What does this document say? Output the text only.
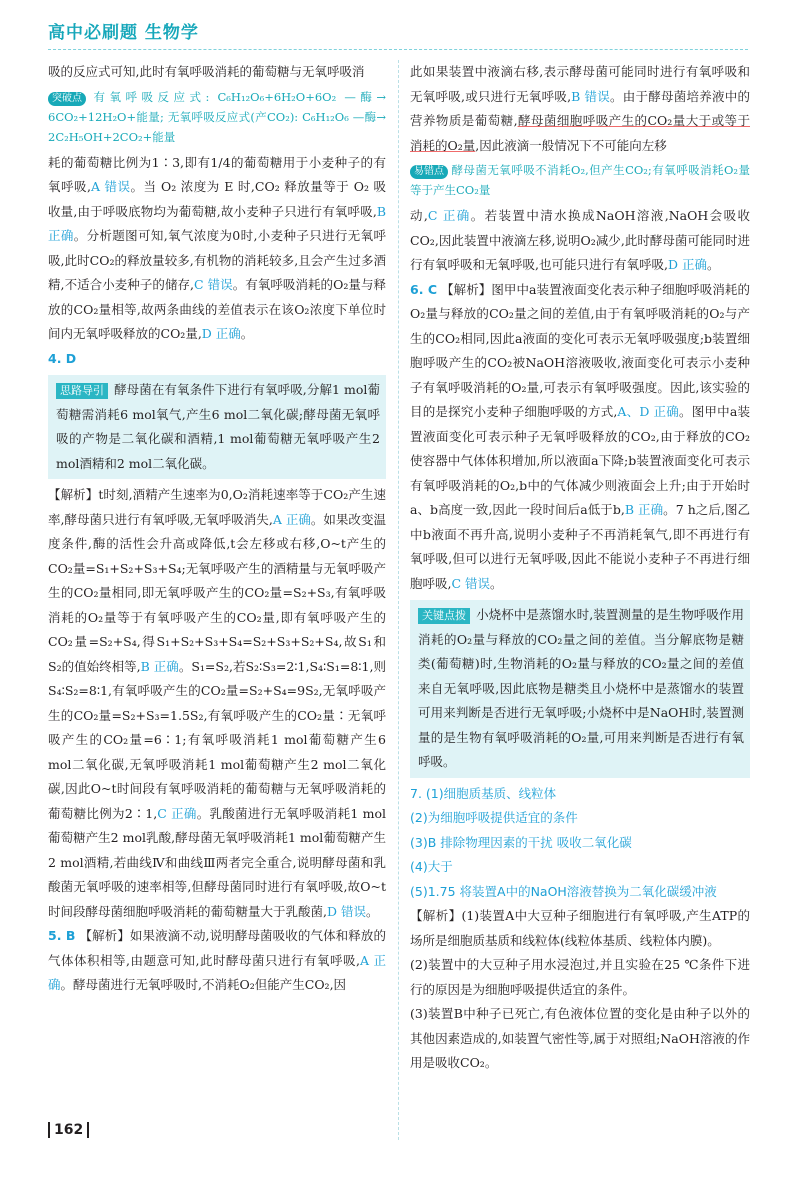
高中必刷题 生物学

吸的反应式可知,此时有氧呼吸消耗的葡萄糖与无氧呼吸消

突破点 有氧呼吸反应式: C₆H₁₂O₆+6H₂O+6O₂ —酶→ 6CO₂+12H₂O+能量; 无氧呼吸反应式(产CO₂): C₆H₁₂O₆ —酶→ 2C₂H₅OH+2CO₂+能量

耗的葡萄糖比例为1∶3,即有1/4的葡萄糖用于小麦种子的有氧呼吸,A 错误。当 O₂ 浓度为 E 时,CO₂ 释放量等于 O₂ 吸收量,由于呼吸底物均为葡萄糖,故小麦种子只进行有氧呼吸,B 正确。分析题图可知,氧气浓度为0时,小麦种子只进行无氧呼吸,此时CO₂的释放量较多,有机物的消耗较多,且会产生过多酒精,不适合小麦种子的储存,C 错误。有氧呼吸消耗的O₂量与释放的CO₂量相等,故两条曲线的差值表示在该O₂浓度下单位时间内无氧呼吸释放的CO₂量,D 正确。

4. D

思路导引 酵母菌在有氧条件下进行有氧呼吸,分解1 mol葡萄糖需消耗6 mol氧气,产生6 mol二氧化碳;酵母菌无氧呼吸的产物是二氧化碳和酒精,1 mol葡萄糖无氧呼吸产生2 mol酒精和2 mol二氧化碳。

【解析】t时刻,酒精产生速率为0,O₂消耗速率等于CO₂产生速率,酵母菌只进行有氧呼吸,无氧呼吸消失,A 正确。如果改变温度条件,酶的活性会升高或降低,t会左移或右移,O~t产生的CO₂量=S₁+S₂+S₃+S₄;无氧呼吸产生的酒精量与无氧呼吸产生的CO₂量相同,即无氧呼吸产生的CO₂量=S₂+S₃,有氧呼吸消耗的O₂量等于有氧呼吸产生的CO₂量,即有氧呼吸产生的CO₂量=S₂+S₄,得S₁+S₂+S₃+S₄=S₂+S₃+S₂+S₄,故S₁和S₂的值始终相等,B 正确。S₁=S₂,若S₂∶S₃=2∶1,S₄∶S₁=8∶1,则S₄∶S₂=8∶1,有氧呼吸产生的CO₂量=S₂+S₄=9S₂,无氧呼吸产生的CO₂量=S₂+S₃=1.5S₂,有氧呼吸产生的CO₂量∶无氧呼吸产生的CO₂量=6∶1;有氧呼吸消耗1 mol葡萄糖产生6 mol二氧化碳,无氧呼吸消耗1 mol葡萄糖产生2 mol二氧化碳,因此O~t时间段有氧呼吸消耗的葡萄糖与无氧呼吸消耗的葡萄糖比例为2∶1,C 正确。乳酸菌进行无氧呼吸消耗1 mol葡萄糖产生2 mol乳酸,酵母菌无氧呼吸消耗1 mol葡萄糖产生2 mol酒精,若曲线Ⅳ和曲线Ⅲ两者完全重合,说明酵母菌和乳酸菌无氧呼吸的速率相等,但酵母菌同时进行有氧呼吸,故O~t时间段酵母菌细胞呼吸消耗的葡萄糖量大于乳酸菌,D 错误。

5. B 【解析】如果液滴不动,说明酵母菌吸收的气体和释放的气体体积相等,由题意可知,此时酵母菌只进行有氧呼吸,A 正确。酵母菌进行无氧呼吸时,不消耗O₂但能产生CO₂,因

此如果装置中液滴右移,表示酵母菌可能同时进行有氧呼吸和无氧呼吸,或只进行无氧呼吸,B 错误。由于酵母菌培养液中的营养物质是葡萄糖,酵母菌细胞呼吸产生的CO₂量大于或等于消耗的O₂量,因此液滴一般情况下不可能向左移

易错点 酵母菌无氧呼吸不消耗O₂,但产生CO₂;有氧呼吸消耗O₂量等于产生CO₂量

动,C 正确。若装置中清水换成NaOH溶液,NaOH会吸收CO₂,因此装置中液滴左移,说明O₂减少,此时酵母菌可能同时进行有氧呼吸和无氧呼吸,也可能只进行有氧呼吸,D 正确。

6. C 【解析】图甲中a装置液面变化表示种子细胞呼吸消耗的O₂量与释放的CO₂量之间的差值,由于有氧呼吸消耗的O₂与产生的CO₂相同,因此a液面的变化可表示无氧呼吸强度;b装置细胞呼吸产生的CO₂被NaOH溶液吸收,液面变化可表示小麦种子有氧呼吸消耗的O₂量,可表示有氧呼吸强度。因此,该实验的目的是探究小麦种子细胞呼吸的方式,A、D 正确。图甲中a装置液面变化可表示种子无氧呼吸释放的CO₂,由于释放的CO₂使容器中气体体积增加,所以液面a下降;b装置液面变化可表示有氧呼吸消耗的O₂,b中的气体减少则液面会上升;由于开始时a、b高度一致,因此一段时间后a低于b,B 正确。7 h之后,图乙中b液面不再升高,说明小麦种子不再消耗氧气,即不再进行有氧呼吸,但可以进行无氧呼吸,因此不能说小麦种子不再进行细胞呼吸,C 错误。

关键点拨 小烧杯中是蒸馏水时,装置测量的是生物呼吸作用消耗的O₂量与释放的CO₂量之间的差值。当分解底物是糖类(葡萄糖)时,生物消耗的O₂量与释放的CO₂量之间的差值来自无氧呼吸,因此底物是糖类且小烧杯中是蒸馏水的装置可用来判断是否进行无氧呼吸;小烧杯中是NaOH时,装置测量的是生物有氧呼吸消耗的O₂量,可用来判断是否进行有氧呼吸。

7. (1)细胞质基质、线粒体

(2)为细胞呼吸提供适宜的条件

(3)B 排除物理因素的干扰 吸收二氧化碳

(4)大于

(5)1.75 将装置A中的NaOH溶液替换为二氧化碳缓冲液

【解析】(1)装置A中大豆种子细胞进行有氧呼吸,产生ATP的场所是细胞质基质和线粒体(线粒体基质、线粒体内膜)。

(2)装置中的大豆种子用水浸泡过,并且实验在25 ℃条件下进行的原因是为细胞呼吸提供适宜的条件。

(3)装置B中种子已死亡,有色液体位置的变化是由种子以外的其他因素造成的,如装置气密性等,属于对照组;NaOH溶液的作用是吸收CO₂。

162
